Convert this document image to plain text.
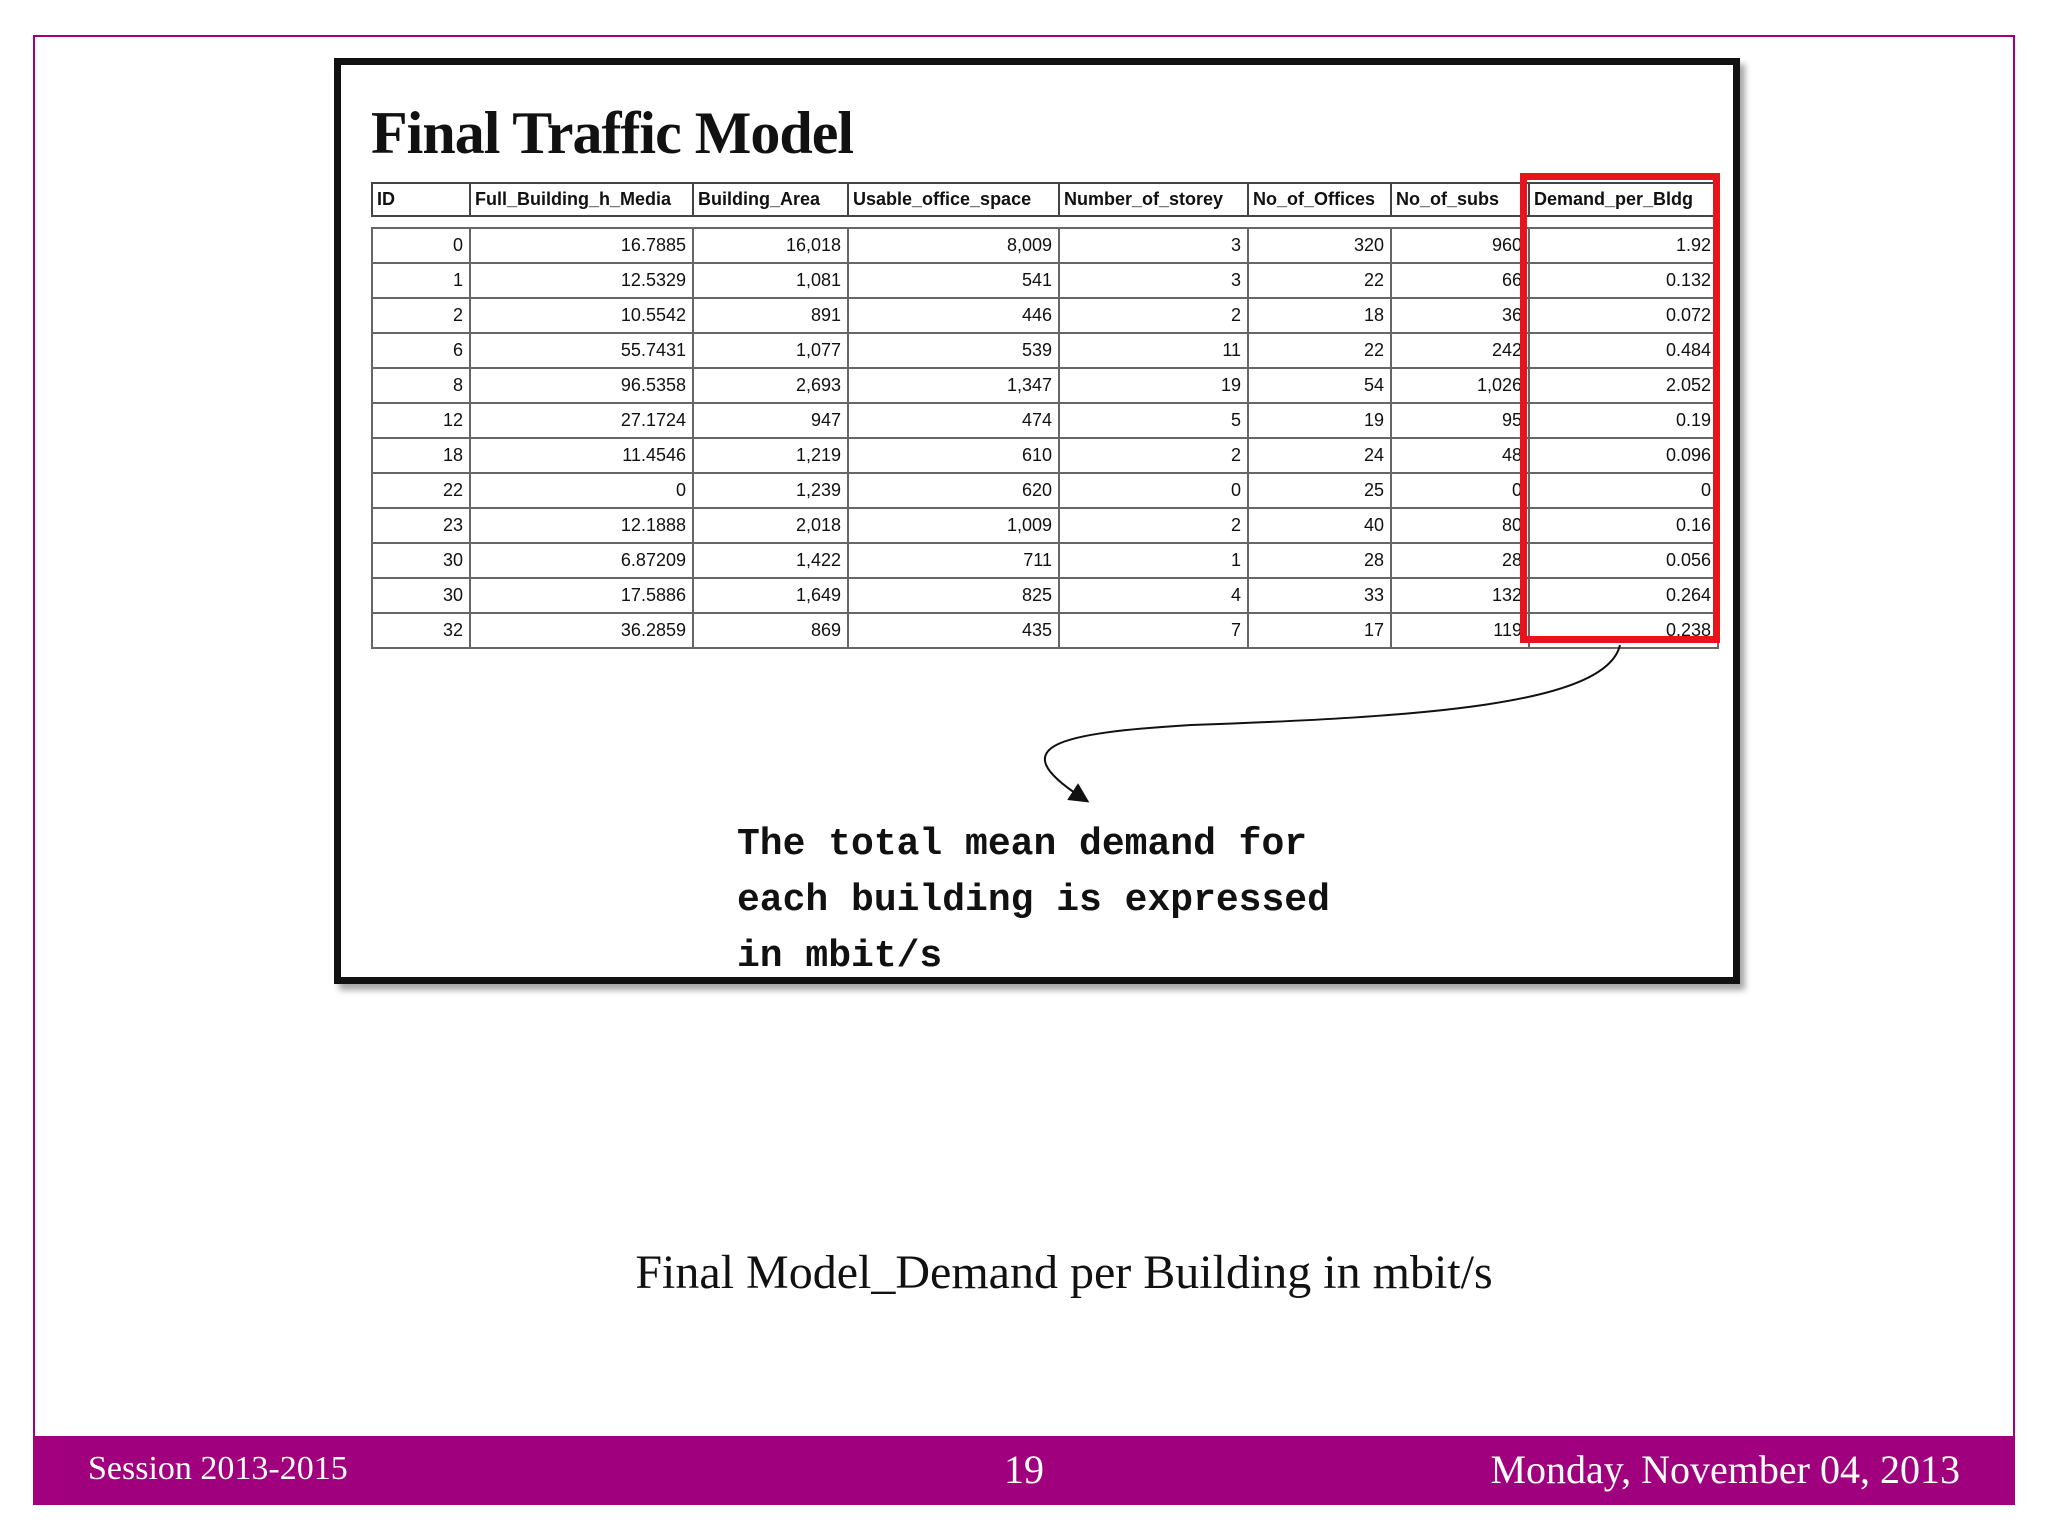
Final Traffic Model
ID	Full_Building_h_Media	Building_Area	Usable_office_space	Number_of_storey	No_of_Offices	No_of_subs	Demand_per_Bldg

0	16.7885	16,018	8,009	3	320	960	1.92
1	12.5329	1,081	541	3	22	66	0.132
2	10.5542	891	446	2	18	36	0.072
6	55.7431	1,077	539	11	22	242	0.484
8	96.5358	2,693	1,347	19	54	1,026	2.052
12	27.1724	947	474	5	19	95	0.19
18	11.4546	1,219	610	2	24	48	0.096
22	0	1,239	620	0	25	0	0
23	12.1888	2,018	1,009	2	40	80	0.16
30	6.87209	1,422	711	1	28	28	0.056
30	17.5886	1,649	825	4	33	132	0.264
32	36.2859	869	435	7	17	119	0.238

The total mean demand for
each building is expressed
in mbit/s

Final Model_Demand per Building in mbit/s

Session 2013-2015	19	Monday, November 04, 2013
